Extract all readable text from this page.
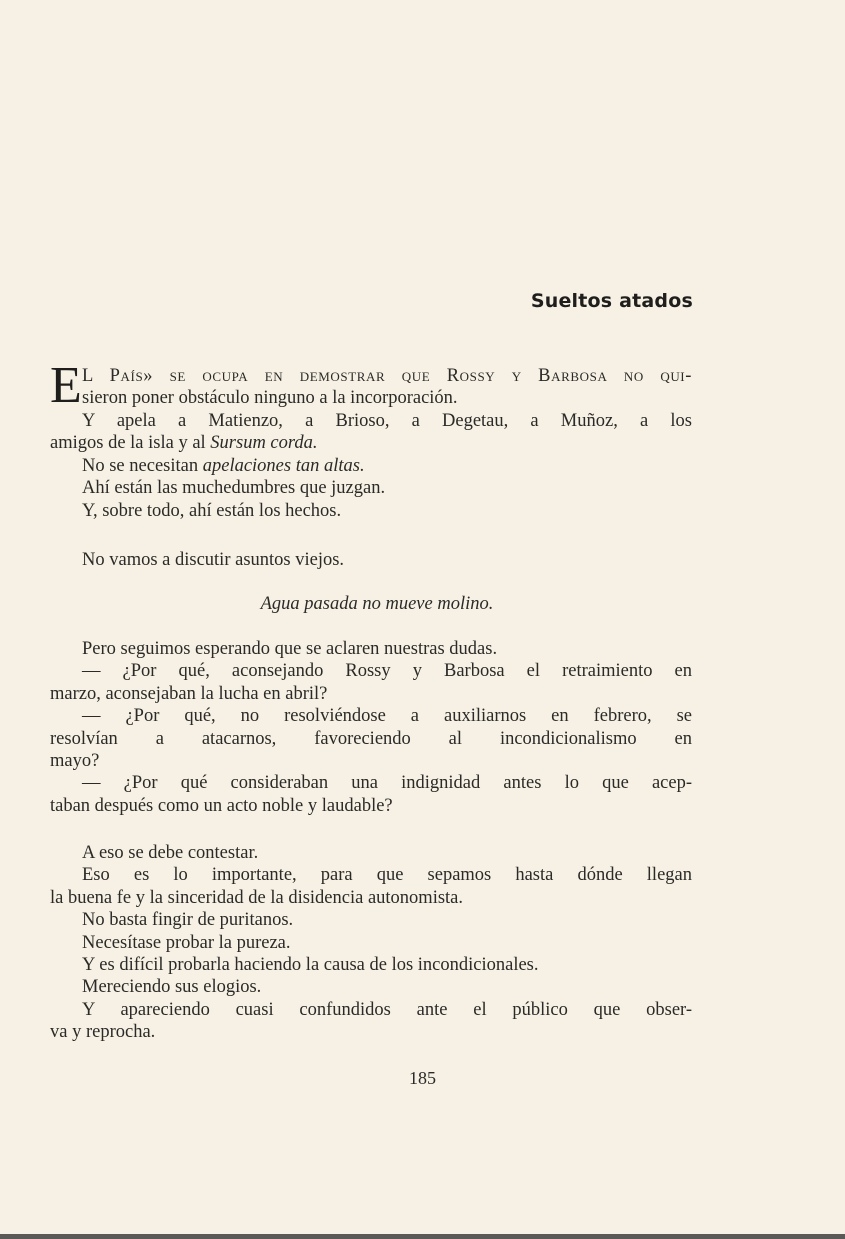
Sueltos atados
E L País» se ocupa en demostrar que Rossy y Barbosa no qui-
sieron poner obstáculo ninguno a la incorporación.
Y apela a Matienzo, a Brioso, a Degetau, a Muñoz, a los
amigos de la isla y al Sursum corda.
No se necesitan apelaciones tan altas.
Ahí están las muchedumbres que juzgan.
Y, sobre todo, ahí están los hechos.
No vamos a discutir asuntos viejos.
Agua pasada no mueve molino.
Pero seguimos esperando que se aclaren nuestras dudas.
— ¿Por qué, aconsejando Rossy y Barbosa el retraimiento en
marzo, aconsejaban la lucha en abril?
— ¿Por qué, no resolviéndose a auxiliarnos en febrero, se
resolvían a atacarnos, favoreciendo al incondicionalismo en
mayo?
— ¿Por qué consideraban una indignidad antes lo que acep-
taban después como un acto noble y laudable?
A eso se debe contestar.
Eso es lo importante, para que sepamos hasta dónde llegan
la buena fe y la sinceridad de la disidencia autonomista.
No basta fingir de puritanos.
Necesítase probar la pureza.
Y es difícil probarla haciendo la causa de los incondicionales.
Mereciendo sus elogios.
Y apareciendo cuasi confundidos ante el público que obser-
va y reprocha.
185
